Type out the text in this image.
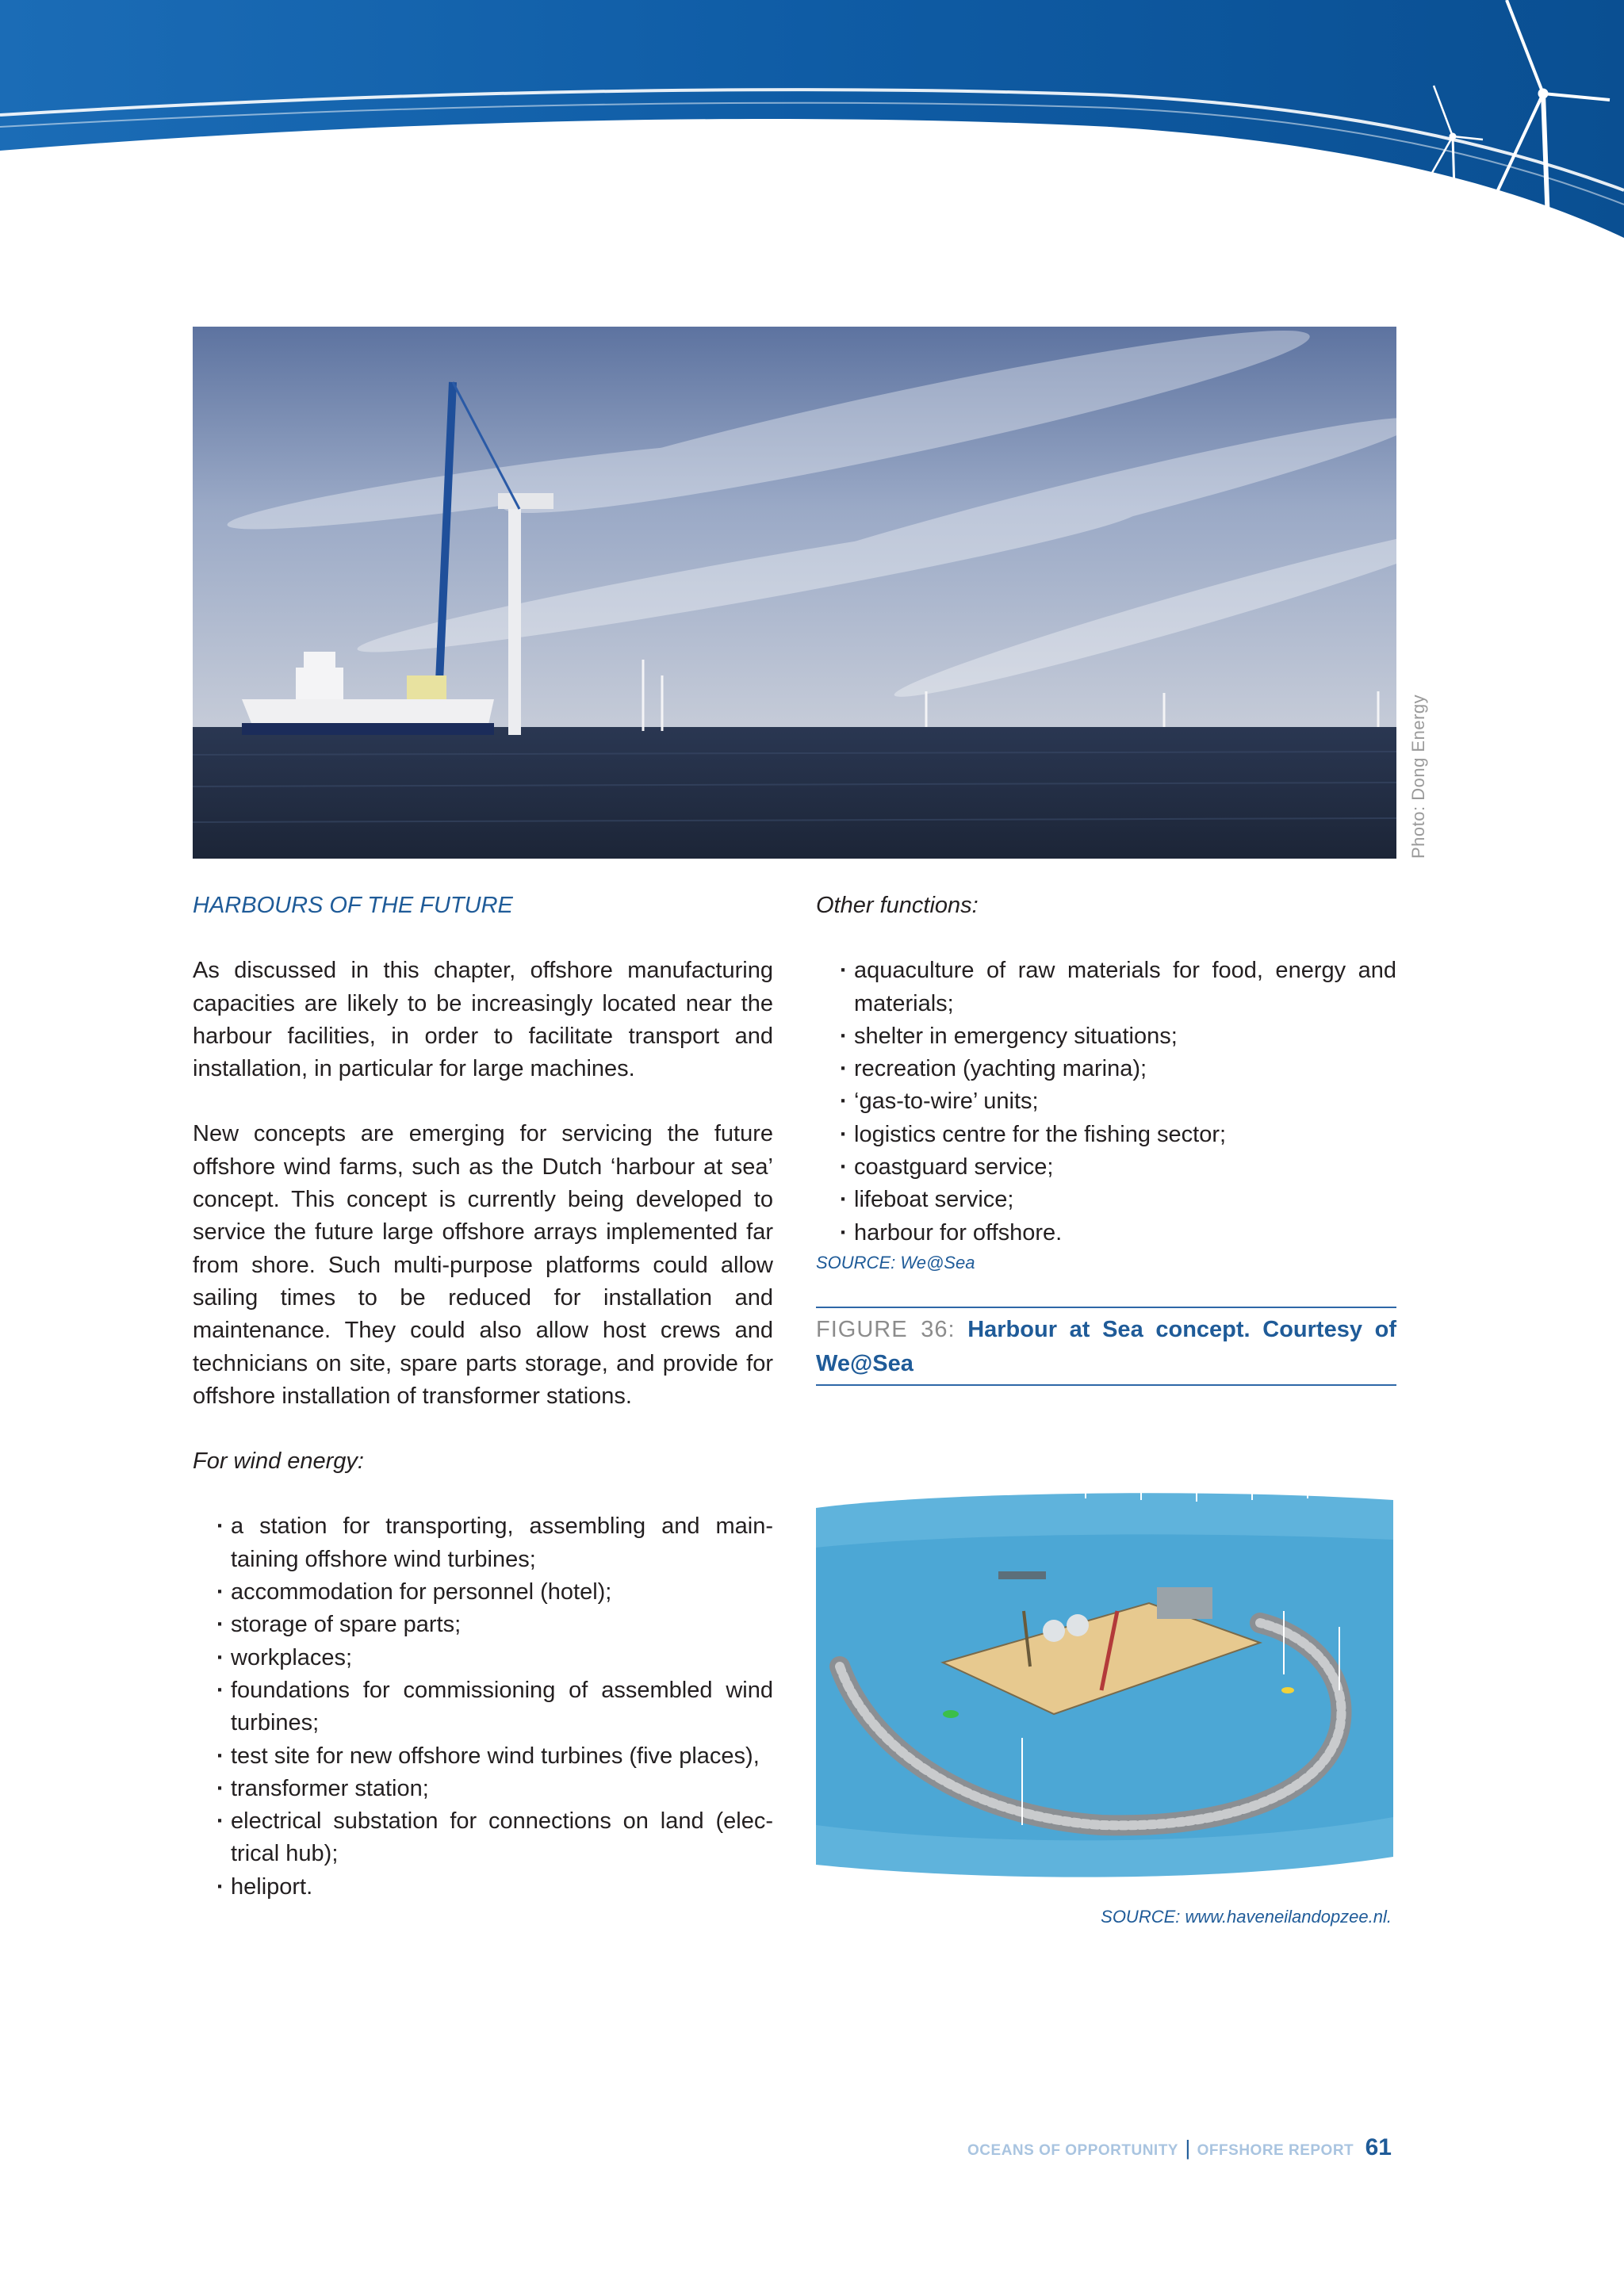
Photo: Dong Energy

HARBOURS OF THE FUTURE

As discussed in this chapter, offshore manufacturing capacities are likely to be increasingly located near the harbour facilities, in order to facilitate transport and installation, in particular for large machines.

New concepts are emerging for servicing the future offshore wind farms, such as the Dutch ‘harbour at sea’ concept. This concept is currently being developed to service the future large offshore arrays implemented far from shore. Such multi-purpose platforms could allow sailing times to be reduced for installation and maintenance. They could also allow host crews and technicians on site, spare parts storage, and provide for offshore installation of transformer stations.

For wind energy:

· a station for transporting, assembling and main- taining offshore wind turbines;
· accommodation for personnel (hotel);
· storage of spare parts;
· workplaces;
· foundations for commissioning of assembled wind turbines;
· test site for new offshore wind turbines (five places),
· transformer station;
· electrical substation for connections on land (elec- trical hub);
· heliport.

Other functions:

· aquaculture of raw materials for food, energy and materials;
· shelter in emergency situations;
· recreation (yachting marina);
· ‘gas-to-wire’ units;
· logistics centre for the fishing sector;
· coastguard service;
· lifeboat service;
· harbour for offshore.
SOURCE: We@Sea
FIGURE 36: Harbour at Sea concept. Courtesy of We@Sea
SOURCE: www.haveneilandopzee.nl.
OCEANS OF OPPORTUNITY | OFFSHORE REPORT 61
